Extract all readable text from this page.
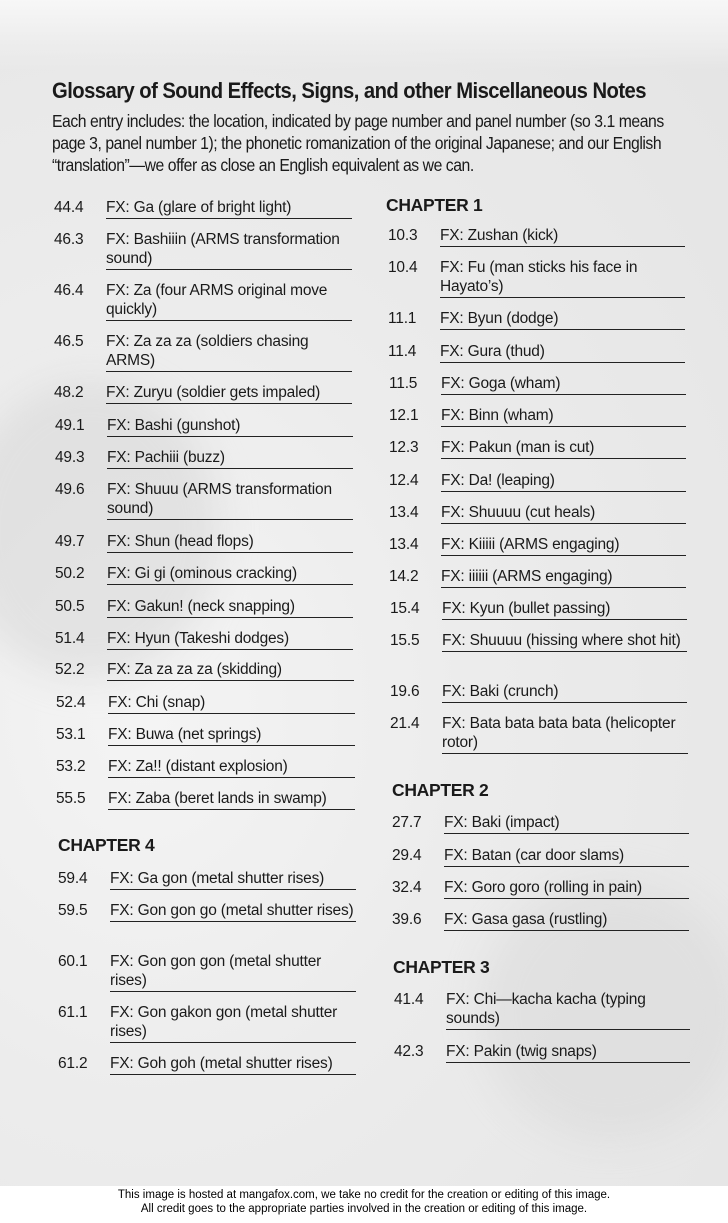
Glossary of Sound Effects, Signs, and other Miscellaneous Notes

Each entry includes: the location, indicated by page number and panel number (so 3.1 means page 3, panel number 1); the phonetic romanization of the original Japanese; and our English “translation”—we offer as close an English equivalent as we can.

44.4	FX: Ga (glare of bright light)
46.3	FX: Bashiiin (ARMS transformation sound)
46.4	FX: Za (four ARMS original move quickly)
46.5	FX: Za za za (soldiers chasing ARMS)
48.2	FX: Zuryu (soldier gets impaled)
49.1	FX: Bashi (gunshot)
49.3	FX: Pachiii (buzz)
49.6	FX: Shuuu (ARMS transformation sound)
49.7	FX: Shun (head flops)
50.2	FX: Gi gi (ominous cracking)
50.5	FX: Gakun! (neck snapping)
51.4	FX: Hyun (Takeshi dodges)
52.2	FX: Za za za za (skidding)
52.4	FX: Chi (snap)
53.1	FX: Buwa (net springs)
53.2	FX: Za!! (distant explosion)
55.5	FX: Zaba (beret lands in swamp)
CHAPTER 4
59.4	FX: Ga gon (metal shutter rises)
59.5	FX: Gon gon go (metal shutter rises)
60.1	FX: Gon gon gon (metal shutter rises)
61.1	FX: Gon gakon gon (metal shutter rises)
61.2	FX: Goh goh (metal shutter rises)
CHAPTER 1
10.3	FX: Zushan (kick)
10.4	FX: Fu (man sticks his face in Hayato’s)
11.1	FX: Byun (dodge)
11.4	FX: Gura (thud)
11.5	FX: Goga (wham)
12.1	FX: Binn (wham)
12.3	FX: Pakun (man is cut)
12.4	FX: Da! (leaping)
13.4	FX: Shuuuu (cut heals)
13.4	FX: Kiiiii (ARMS engaging)
14.2	FX: iiiiii (ARMS engaging)
15.4	FX: Kyun (bullet passing)
15.5	FX: Shuuuu (hissing where shot hit)
19.6	FX: Baki (crunch)
21.4	FX: Bata bata bata bata (helicopter rotor)
CHAPTER 2
27.7	FX: Baki (impact)
29.4	FX: Batan (car door slams)
32.4	FX: Goro goro (rolling in pain)
39.6	FX: Gasa gasa (rustling)
CHAPTER 3
41.4	FX: Chi—kacha kacha (typing sounds)
42.3	FX: Pakin (twig snaps)
This image is hosted at mangafox.com, we take no credit for the creation or editing of this image.
All credit goes to the appropriate parties involved in the creation or editing of this image.
